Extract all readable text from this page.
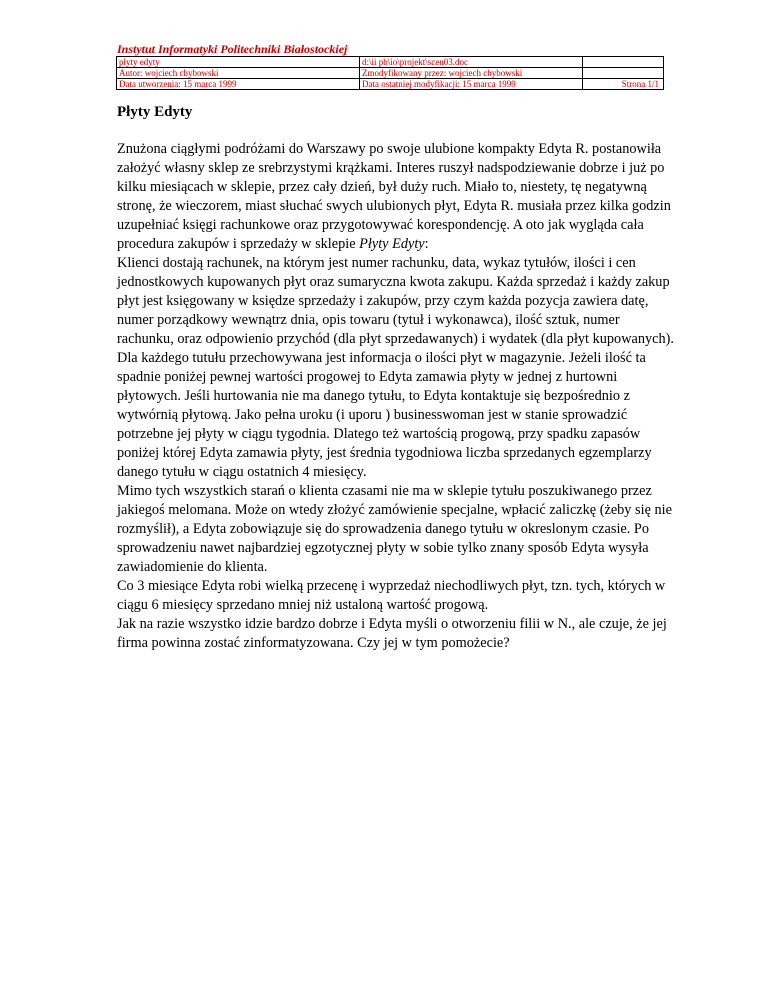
Instytut Informatyki Politechniki Białostockiej
płyty edyty	d:\ii pb\io\projekt\scen03.doc	
Autor: wojciech chybowski	Zmodyfikowany przez: wojciech chybowski	
Data utworzenia: 15 marca 1999	Data ostatniej modyfikacji: 15 marca 1999	Strona 1/1
Płyty Edyty
Znużona ciągłymi podróżami do Warszawy po swoje ulubione kompakty Edyta R. postanowiła
założyć własny sklep ze srebrzystymi krążkami. Interes ruszył nadspodziewanie dobrze i już po
kilku miesiącach w sklepie, przez cały dzień, był duży ruch. Miało to, niestety, tę negatywną
stronę, że wieczorem, miast słuchać swych ulubionych płyt, Edyta R. musiała przez kilka godzin
uzupełniać księgi rachunkowe oraz przygotowywać korespondencję. A oto jak wygląda cała
procedura zakupów i sprzedaży w sklepie Płyty Edyty:
Klienci dostają rachunek, na którym jest numer rachunku, data, wykaz tytułów, ilości i cen
jednostkowych kupowanych płyt oraz sumaryczna kwota zakupu. Każda sprzedaż i każdy zakup
płyt jest księgowany w księdze sprzedaży i zakupów, przy czym każda pozycja zawiera datę,
numer porządkowy wewnątrz dnia, opis towaru (tytuł i wykonawca), ilość sztuk, numer
rachunku, oraz odpowienio przychód (dla płyt sprzedawanych) i wydatek (dla płyt kupowanych).
Dla każdego tutułu przechowywana jest informacja o ilości płyt w magazynie. Jeżeli ilość ta
spadnie poniżej pewnej wartości progowej to Edyta zamawia płyty w jednej z hurtowni
płytowych. Jeśli hurtowania nie ma danego tytułu, to Edyta kontaktuje się bezpośrednio z
wytwórnią płytową. Jako pełna uroku (i uporu ) businesswoman jest w stanie sprowadzić
potrzebne jej płyty w ciągu tygodnia. Dlatego też wartością progową, przy spadku zapasów
poniżej której Edyta zamawia płyty, jest średnia tygodniowa liczba sprzedanych egzemplarzy
danego tytułu w ciągu ostatnich 4 miesięcy.
Mimo tych wszystkich starań o klienta czasami nie ma w sklepie tytułu poszukiwanego przez
jakiegoś melomana. Może on wtedy złożyć zamówienie specjalne, wpłacić zaliczkę (żeby się nie
rozmyślił), a Edyta zobowiązuje się do sprowadzenia danego tytułu w okreslonym czasie. Po
sprowadzeniu nawet najbardziej egzotycznej płyty w sobie tylko znany sposób Edyta wysyła
zawiadomienie do klienta.
Co 3 miesiące Edyta robi wielką przecenę i wyprzedaż niechodliwych płyt, tzn. tych, których w
ciągu 6 miesięcy sprzedano mniej niż ustaloną wartość progową.
Jak na razie wszystko idzie bardzo dobrze i Edyta myśli o otworzeniu filii w N., ale czuje, że jej
firma powinna zostać zinformatyzowana. Czy jej w tym pomożecie?
